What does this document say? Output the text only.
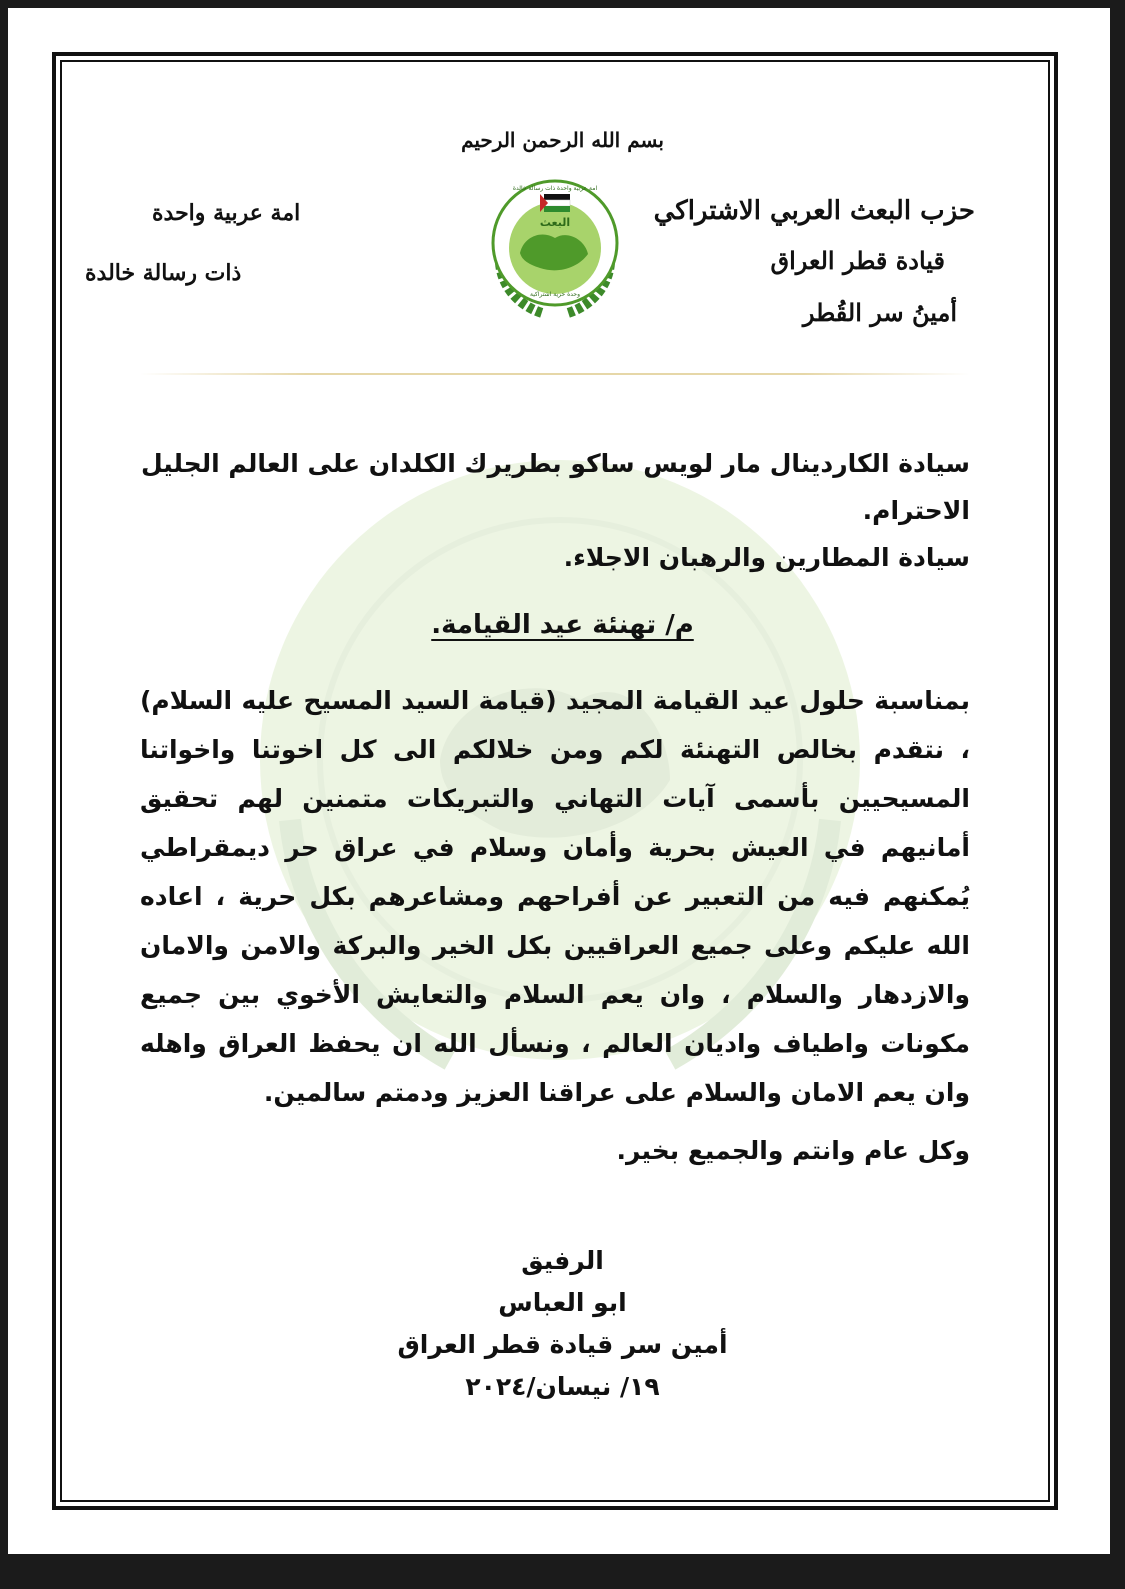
بسم الله الرحمن الرحيم
حزب البعث العربي الاشتراكي
قيادة قطر العراق
أمينُ سر القُطر
امة عربية واحدة
ذات رسالة خالدة
البعث
امة عربية واحدة ذات رسالة خالدة
وحدة حرية اشتراكية

سيادة الكاردينال مار لويس ساكو بطريرك الكلدان على العالم الجليل

الاحترام.

سيادة المطارين والرهبان الاجلاء.

م/ تهنئة عيد القيامة.

بمناسبة حلول عيد القيامة المجيد (قيامة السيد المسيح عليه السلام) ، نتقدم بخالص التهنئة لكم ومن خلالكم الى كل اخوتنا واخواتنا المسيحيين بأسمى آيات التهاني والتبريكات متمنين لهم تحقيق أمانيهم في العيش بحرية وأمان وسلام في عراق حر ديمقراطي يُمكنهم فيه من التعبير عن أفراحهم ومشاعرهم بكل حرية ، اعاده الله عليكم وعلى جميع العراقيين بكل الخير والبركة والامن والامان والازدهار والسلام ، وان يعم السلام والتعايش الأخوي بين جميع مكونات واطياف واديان العالم ، ونسأل الله ان يحفظ العراق واهله وان يعم الامان والسلام على عراقنا العزيز ودمتم سالمين.

وكل عام وانتم والجميع بخير.

الرفيق
ابو العباس
أمين سر قيادة قطر العراق
١٩/ نيسان/٢٠٢٤
